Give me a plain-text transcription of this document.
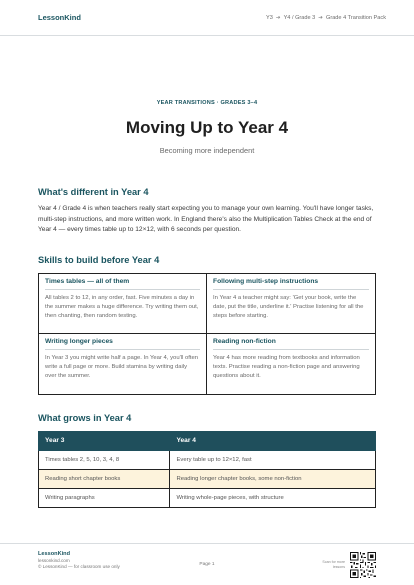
LessonKind	Y3 ➔ Y4 / Grade 3 ➔ Grade 4 Transition Pack
YEAR TRANSITIONS · GRADES 3–4
Moving Up to Year 4
Becoming more independent
What's different in Year 4

Year 4 / Grade 4 is when teachers really start expecting you to manage your own learning. You'll have longer tasks, multi-step instructions, and more written work. In England there's also the Multiplication Tables Check at the end of Year 4 — every times table up to 12×12, with 6 seconds per question.

Skills to build before Year 4
Times tables — all of them
All tables 2 to 12, in any order, fast. Five minutes a day in the summer makes a huge difference. Try writing them out, then chanting, then random testing.
Following multi-step instructions
In Year 4 a teacher might say: 'Get your book, write the date, put the title, underline it.' Practise listening for all the steps before starting.
Writing longer pieces
In Year 3 you might write half a page. In Year 4, you'll often write a full page or more. Build stamina by writing daily over the summer.
Reading non-fiction
Year 4 has more reading from textbooks and information texts. Practise reading a non-fiction page and answering questions about it.
What grows in Year 4
Year 3	Year 4
Times tables 2, 5, 10, 3, 4, 8	Every table up to 12×12, fast
Reading short chapter books	Reading longer chapter books, some non-fiction
Writing paragraphs	Writing whole-page pieces, with structure
LessonKind
lessonkind.com
© LessonKind — for classroom use only	Page 1	Scan for more lessons
